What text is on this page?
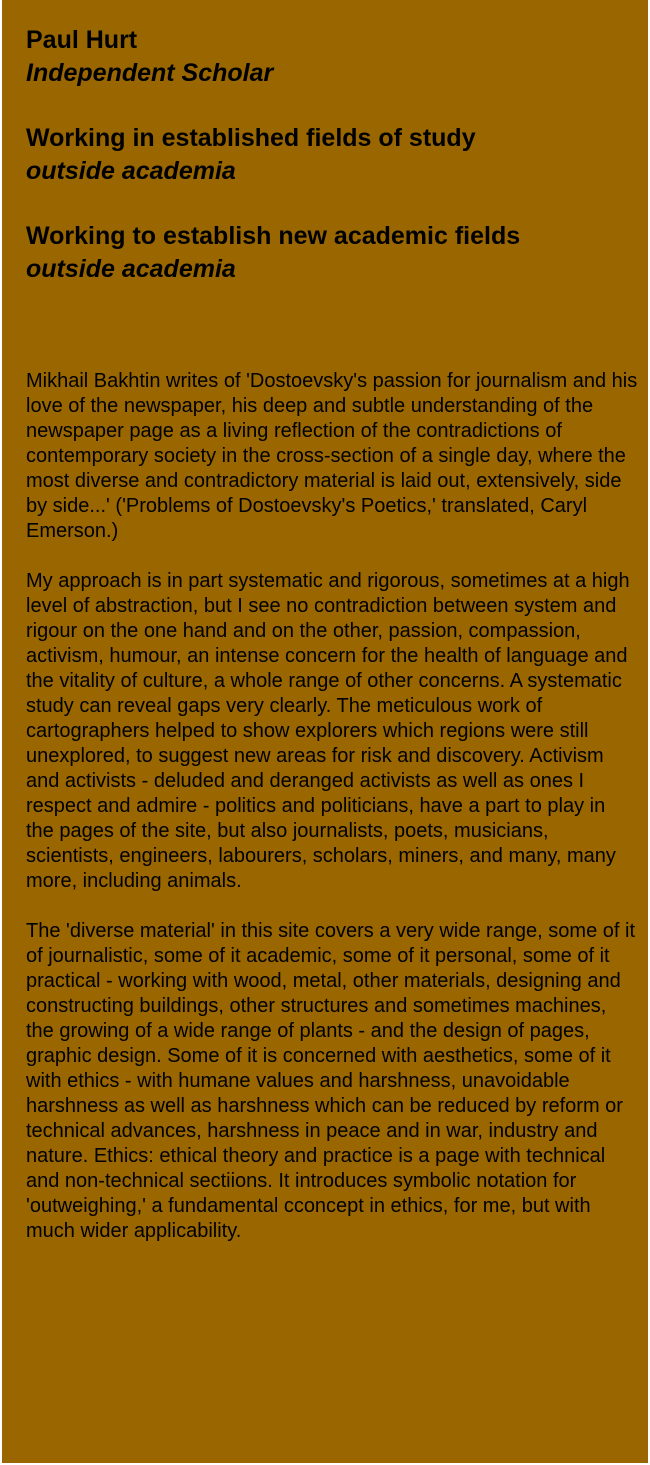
Paul Hurt
Independent Scholar
Working in established fields of study
outside academia
Working to establish new academic fields
outside academia

Mikhail Bakhtin writes of 'Dostoevsky's passion for journalism and his love of the newspaper, his deep and subtle understanding of the newspaper page as a living reflection of the contradictions of contemporary society in the cross-section of a single day, where the most diverse and contradictory material is laid out, extensively, side by side...' ('Problems of Dostoevsky's Poetics,' translated, Caryl Emerson.)

My approach is in part systematic and rigorous, sometimes at a high level of abstraction, but I see no contradiction between system and rigour on the one hand and on the other, passion, compassion, activism, humour, an intense concern for the health of language and the vitality of culture, a whole range of other concerns. A systematic study can reveal gaps very clearly. The meticulous work of cartographers helped to show explorers which regions were still unexplored, to suggest new areas for risk and discovery. Activism and activists - deluded and deranged activists as well as ones I respect and admire - politics and politicians, have a part to play in the pages of the site, but also journalists, poets, musicians, scientists, engineers, labourers, scholars, miners, and many, many more, including animals.

The 'diverse material' in this site covers a very wide range, some of it of journalistic, some of it academic, some of it personal, some of it practical - working with wood, metal, other materials, designing and constructing buildings, other structures and sometimes machines, the growing of a wide range of plants - and the design of pages, graphic design. Some of it is concerned with aesthetics, some of it with ethics - with humane values and harshness, unavoidable harshness as well as harshness which can be reduced by reform or technical advances, harshness in peace and in war, industry and nature. Ethics: ethical theory and practice is a page with technical and non-technical sectiions. It introduces symbolic notation for 'outweighing,' a fundamental cconcept in ethics, for me, but with much wider applicability.
